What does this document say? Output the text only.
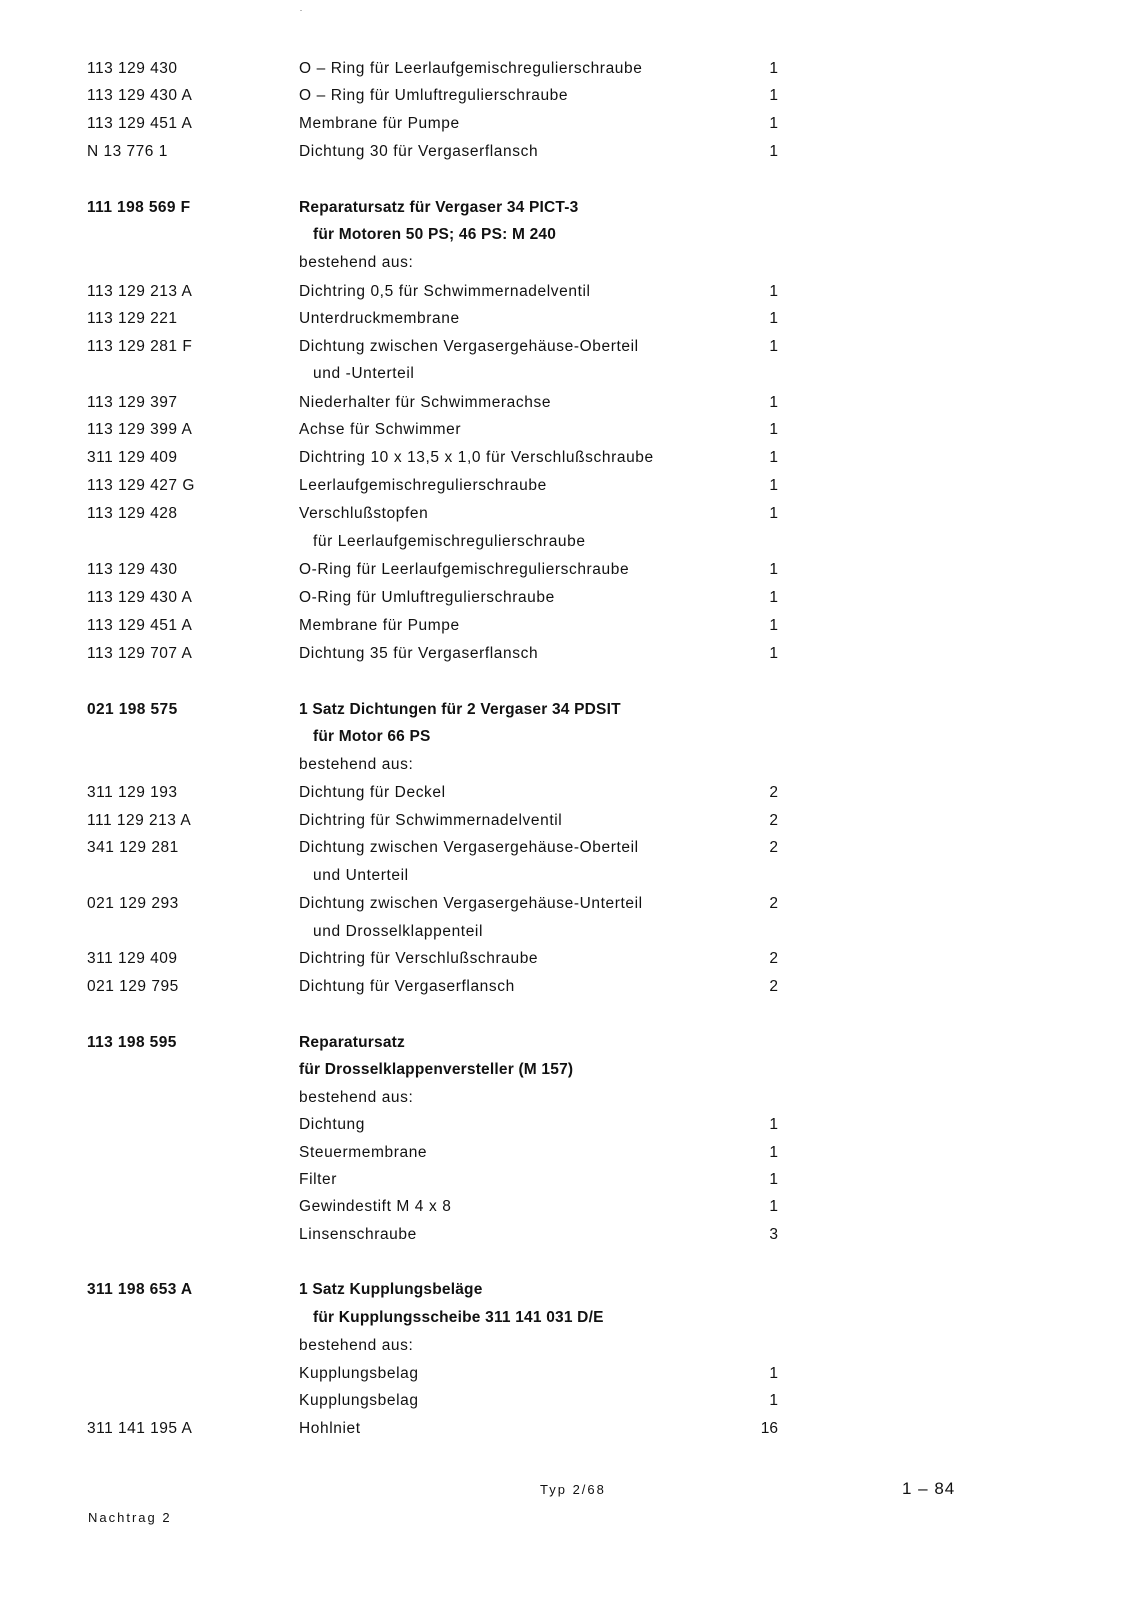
113 129 430	O – Ring für Leerlaufgemischregulierschraube	1
113 129 430 A	O – Ring für Umluftregulierschraube	1
113 129 451 A	Membrane für Pumpe	1
N 13 776 1	Dichtung 30 für Vergaserflansch	1
111 198 569 F	Reparatursatz für Vergaser 34 PICT-3
für Motoren 50 PS; 46 PS: M 240
bestehend aus:
113 129 213 A	Dichtring 0,5 für Schwimmernadelventil	1
113 129 221	Unterdruckmembrane	1
113 129 281 F	Dichtung zwischen Vergasergehäuse-Oberteil	1
und -Unterteil
113 129 397	Niederhalter für Schwimmerachse	1
113 129 399 A	Achse für Schwimmer	1
311 129 409	Dichtring 10 x 13,5 x 1,0 für Verschlußschraube	1
113 129 427 G	Leerlaufgemischregulierschraube	1
113 129 428	Verschlußstopfen	1
für Leerlaufgemischregulierschraube
113 129 430	O-Ring für Leerlaufgemischregulierschraube	1
113 129 430 A	O-Ring für Umluftregulierschraube	1
113 129 451 A	Membrane für Pumpe	1
113 129 707 A	Dichtung 35 für Vergaserflansch	1
021 198 575	1 Satz Dichtungen für 2 Vergaser 34 PDSIT
für Motor 66 PS
bestehend aus:
311 129 193	Dichtung für Deckel	2
111 129 213 A	Dichtring für Schwimmernadelventil	2
341 129 281	Dichtung zwischen Vergasergehäuse-Oberteil	2
und Unterteil
021 129 293	Dichtung zwischen Vergasergehäuse-Unterteil	2
und Drosselklappenteil
311 129 409	Dichtring für Verschlußschraube	2
021 129 795	Dichtung für Vergaserflansch	2
113 198 595	Reparatursatz
für Drosselklappenversteller (M 157)
bestehend aus:
Dichtung	1
Steuermembrane	1
Filter	1
Gewindestift M 4 x 8	1
Linsenschraube	3
311 198 653 A	1 Satz Kupplungsbeläge
für Kupplungsscheibe 311 141 031 D/E
bestehend aus:
Kupplungsbelag	1
Kupplungsbelag	1
311 141 195 A	Hohlniet	16
Typ 2/68	1 – 84
Nachtrag 2
